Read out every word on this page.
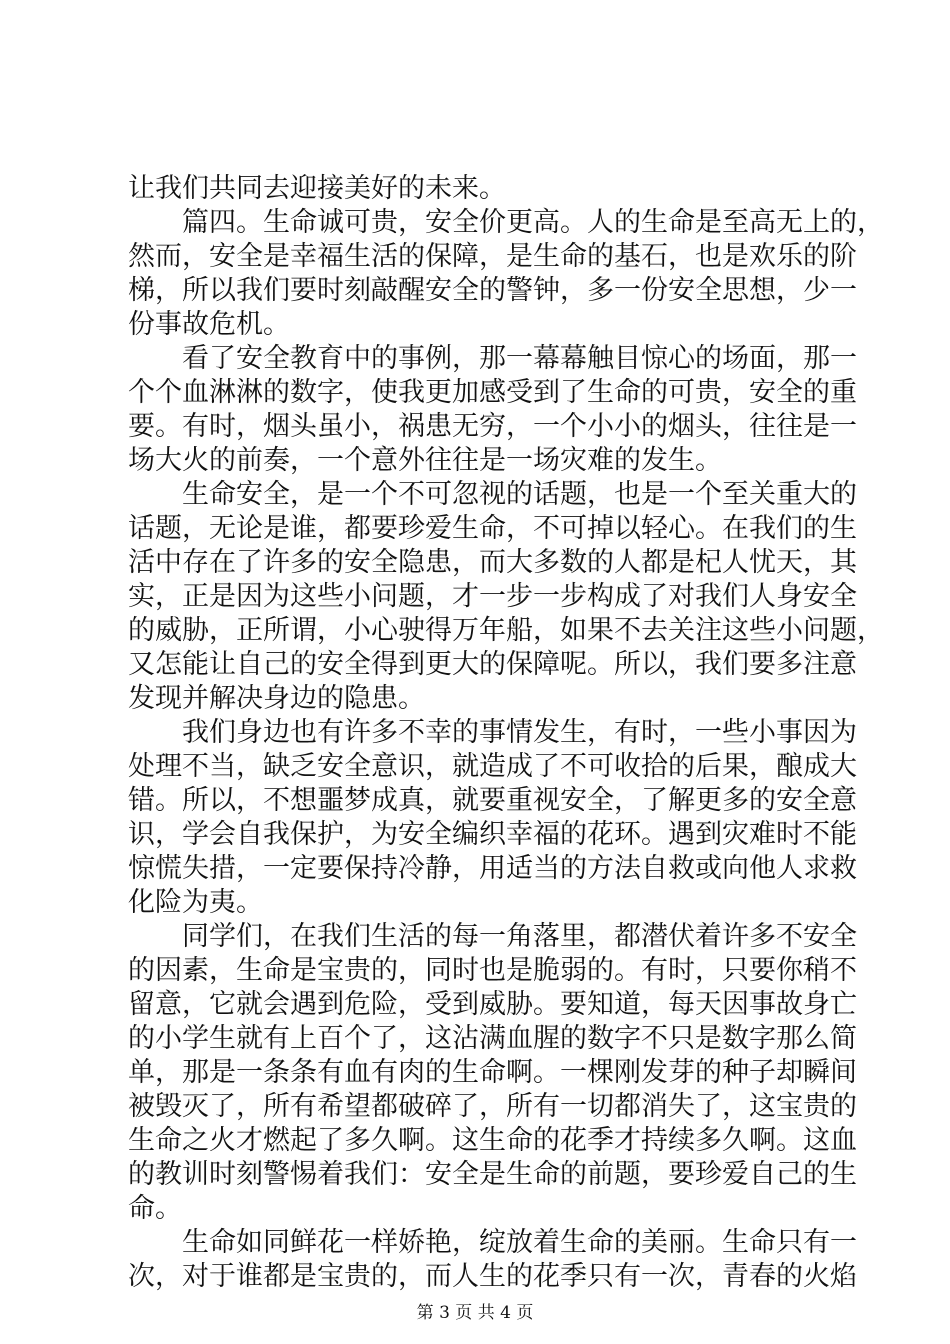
让我们共同去迎接美好的未来。
　　篇四。生命诚可贵，安全价更高。人的生命是至高无上的，
然而，安全是幸福生活的保障，是生命的基石，也是欢乐的阶
梯，所以我们要时刻敲醒安全的警钟，多一份安全思想，少一
份事故危机。
　　看了安全教育中的事例，那一幕幕触目惊心的场面，那一
个个血淋淋的数字，使我更加感受到了生命的可贵，安全的重
要。有时，烟头虽小，祸患无穷，一个小小的烟头，往往是一
场大火的前奏，一个意外往往是一场灾难的发生。
　　生命安全，是一个不可忽视的话题，也是一个至关重大的
话题，无论是谁，都要珍爱生命，不可掉以轻心。在我们的生
活中存在了许多的安全隐患，而大多数的人都是杞人忧天，其
实，正是因为这些小问题，才一步一步构成了对我们人身安全
的威胁，正所谓，小心驶得万年船，如果不去关注这些小问题，
又怎能让自己的安全得到更大的保障呢。所以，我们要多注意
发现并解决身边的隐患。
　　我们身边也有许多不幸的事情发生，有时，一些小事因为
处理不当，缺乏安全意识，就造成了不可收拾的后果，酿成大
错。所以，不想噩梦成真，就要重视安全，了解更多的安全意
识，学会自我保护，为安全编织幸福的花环。遇到灾难时不能
惊慌失措，一定要保持冷静，用适当的方法自救或向他人求救
化险为夷。
　　同学们，在我们生活的每一角落里，都潜伏着许多不安全
的因素，生命是宝贵的，同时也是脆弱的。有时，只要你稍不
留意，它就会遇到危险，受到威胁。要知道，每天因事故身亡
的小学生就有上百个了，这沾满血腥的数字不只是数字那么简
单，那是一条条有血有肉的生命啊。一棵刚发芽的种子却瞬间
被毁灭了，所有希望都破碎了，所有一切都消失了，这宝贵的
生命之火才燃起了多久啊。这生命的花季才持续多久啊。这血
的教训时刻警惕着我们：安全是生命的前题，要珍爱自己的生
命。
　　生命如同鲜花一样娇艳，绽放着生命的美丽。生命只有一
次，对于谁都是宝贵的，而人生的花季只有一次，青春的火焰
第 3 页 共 4 页
